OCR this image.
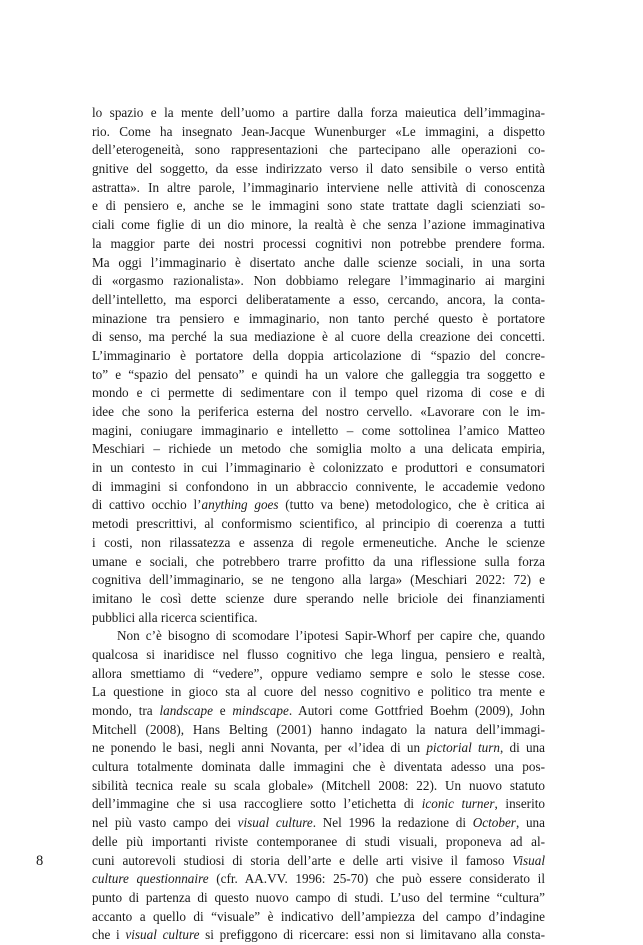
lo spazio e la mente dell’uomo a partire dalla forza maieutica dell’immagina-
rio. Come ha insegnato Jean-Jacque Wunenburger «Le immagini, a dispetto
dell’eterogeneità, sono rappresentazioni che partecipano alle operazioni co-
gnitive del soggetto, da esse indirizzato verso il dato sensibile o verso entità
astratta». In altre parole, l’immaginario interviene nelle attività di conoscenza
e di pensiero e, anche se le immagini sono state trattate dagli scienziati so-
ciali come figlie di un dio minore, la realtà è che senza l’azione immaginativa
la maggior parte dei nostri processi cognitivi non potrebbe prendere forma.
Ma oggi l’immaginario è disertato anche dalle scienze sociali, in una sorta
di «orgasmo razionalista». Non dobbiamo relegare l’immaginario ai margini
dell’intelletto, ma esporci deliberatamente a esso, cercando, ancora, la conta-
minazione tra pensiero e immaginario, non tanto perché questo è portatore
di senso, ma perché la sua mediazione è al cuore della creazione dei concetti.
L’immaginario è portatore della doppia articolazione di “spazio del concre-
to” e “spazio del pensato” e quindi ha un valore che galleggia tra soggetto e
mondo e ci permette di sedimentare con il tempo quel rizoma di cose e di
idee che sono la periferica esterna del nostro cervello. «Lavorare con le im-
magini, coniugare immaginario e intelletto – come sottolinea l’amico Matteo
Meschiari – richiede un metodo che somiglia molto a una delicata empiria,
in un contesto in cui l’immaginario è colonizzato e produttori e consumatori
di immagini si confondono in un abbraccio connivente, le accademie vedono
di cattivo occhio l’anything goes (tutto va bene) metodologico, che è critica ai
metodi prescrittivi, al conformismo scientifico, al principio di coerenza a tutti
i costi, non rilassatezza e assenza di regole ermeneutiche. Anche le scienze
umane e sociali, che potrebbero trarre profitto da una riflessione sulla forza
cognitiva dell’immaginario, se ne tengono alla larga» (Meschiari 2022: 72) e
imitano le così dette scienze dure sperando nelle briciole dei finanziamenti
pubblici alla ricerca scientifica.
Non c’è bisogno di scomodare l’ipotesi Sapir-Whorf per capire che, quando
qualcosa si inaridisce nel flusso cognitivo che lega lingua, pensiero e realtà,
allora smettiamo di “vedere”, oppure vediamo sempre e solo le stesse cose.
La questione in gioco sta al cuore del nesso cognitivo e politico tra mente e
mondo, tra landscape e mindscape. Autori come Gottfried Boehm (2009), John
Mitchell (2008), Hans Belting (2001) hanno indagato la natura dell’immagi-
ne ponendo le basi, negli anni Novanta, per «l’idea di un pictorial turn, di una
cultura totalmente dominata dalle immagini che è diventata adesso una pos-
sibilità tecnica reale su scala globale» (Mitchell 2008: 22). Un nuovo statuto
dell’immagine che si usa raccogliere sotto l’etichetta di iconic turner, inserito
nel più vasto campo dei visual culture. Nel 1996 la redazione di October, una
delle più importanti riviste contemporanee di studi visuali, proponeva ad al-
cuni autorevoli studiosi di storia dell’arte e delle arti visive il famoso Visual
culture questionnaire (cfr. AA.VV. 1996: 25-70) che può essere considerato il
punto di partenza di questo nuovo campo di studi. L’uso del termine “cultura”
accanto a quello di “visuale” è indicativo dell’ampiezza del campo d’indagine
che i visual culture si prefiggono di ricercare: essi non si limitavano alla consta-
8
